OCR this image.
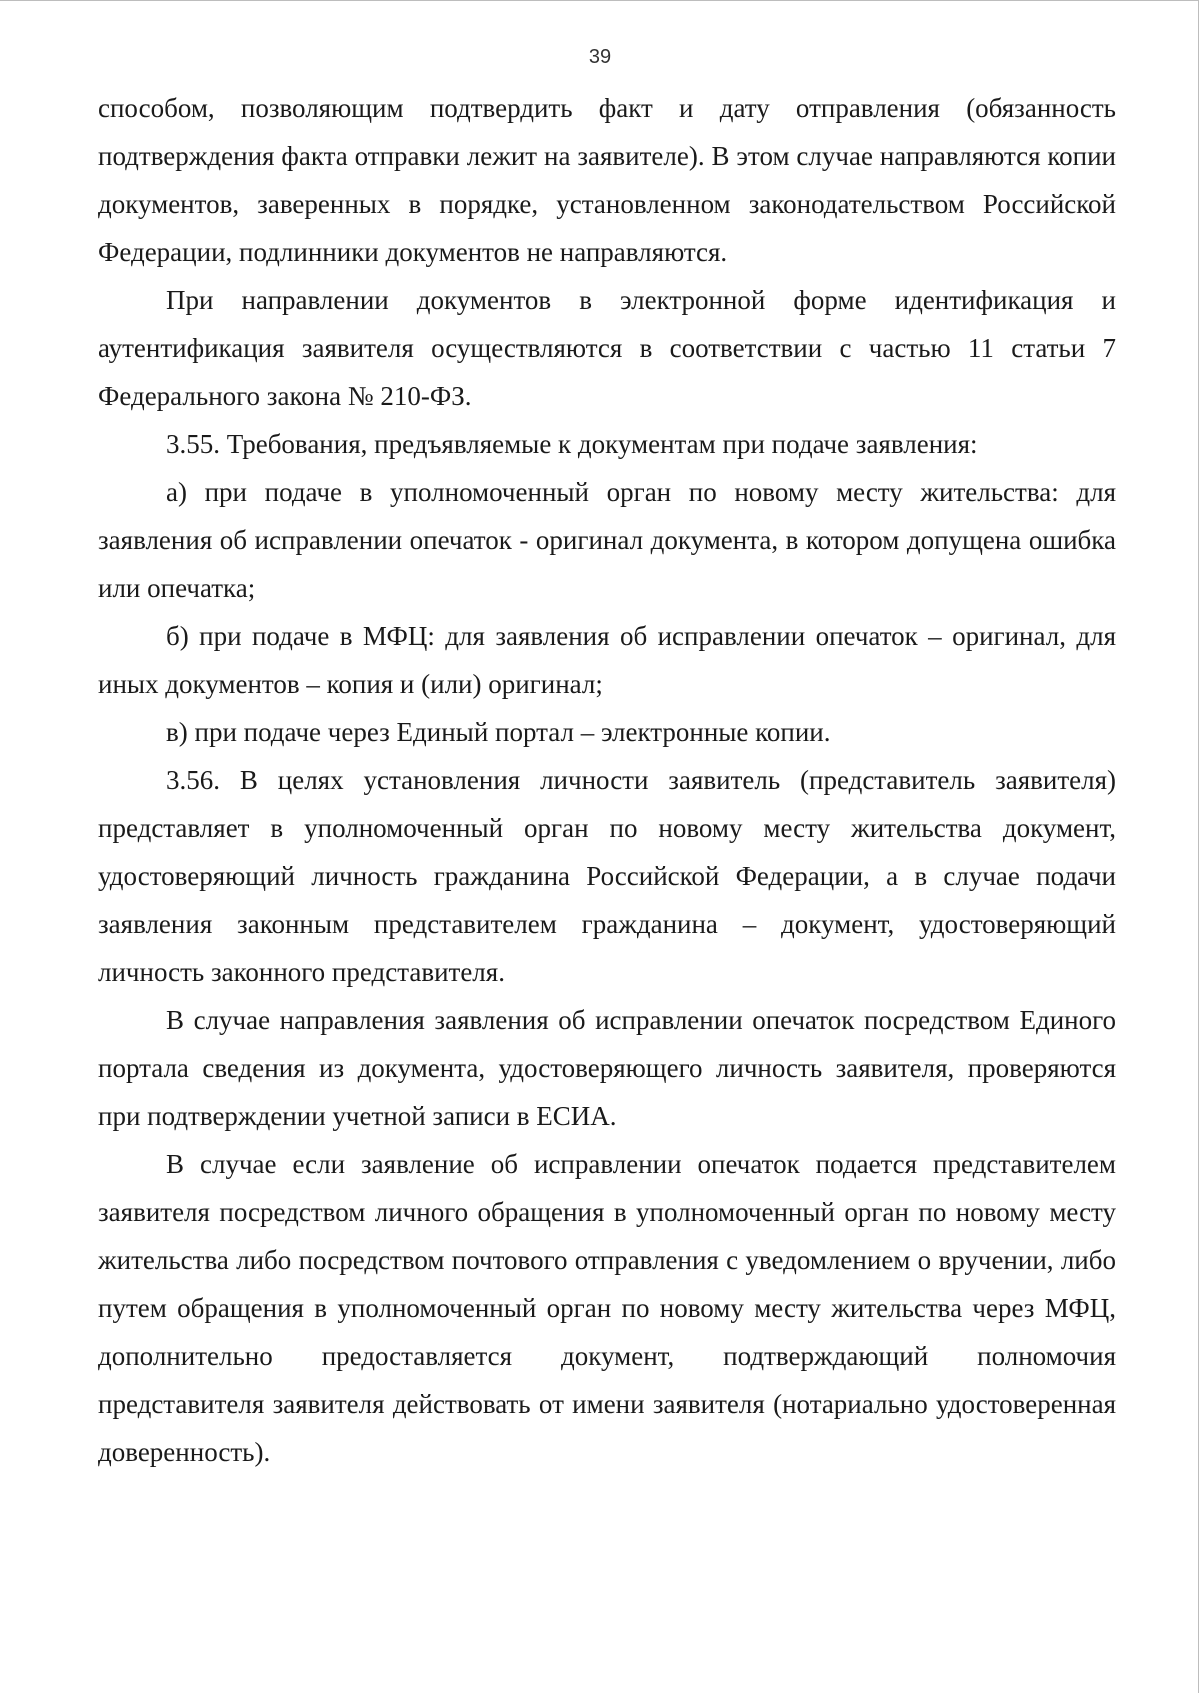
39

способом, позволяющим подтвердить факт и дату отправления (обязанность подтверждения факта отправки лежит на заявителе). В этом случае направляются копии документов, заверенных в порядке, установленном законодательством Российской Федерации, подлинники документов не направляются.

При направлении документов в электронной форме идентификация и аутентификация заявителя осуществляются в соответствии с частью 11 статьи 7 Федерального закона № 210-ФЗ.

3.55. Требования, предъявляемые к документам при подаче заявления:

а) при подаче в уполномоченный орган по новому месту жительства: для заявления об исправлении опечаток - оригинал документа, в котором допущена ошибка или опечатка;

б) при подаче в МФЦ: для заявления об исправлении опечаток – оригинал, для иных документов – копия и (или) оригинал;

в) при подаче через Единый портал – электронные копии.

3.56. В целях установления личности заявитель (представитель заявителя) представляет в уполномоченный орган по новому месту жительства документ, удостоверяющий личность гражданина Российской Федерации, а в случае подачи заявления законным представителем гражданина – документ, удостоверяющий личность законного представителя.

В случае направления заявления об исправлении опечаток посредством Единого портала сведения из документа, удостоверяющего личность заявителя, проверяются при подтверждении учетной записи в ЕСИА.

В случае если заявление об исправлении опечаток подается представителем заявителя посредством личного обращения в уполномоченный орган по новому месту жительства либо посредством почтового отправления с уведомлением о вручении, либо путем обращения в уполномоченный орган по новому месту жительства через МФЦ, дополнительно предоставляется документ, подтверждающий полномочия представителя заявителя действовать от имени заявителя (нотариально удостоверенная доверенность).
